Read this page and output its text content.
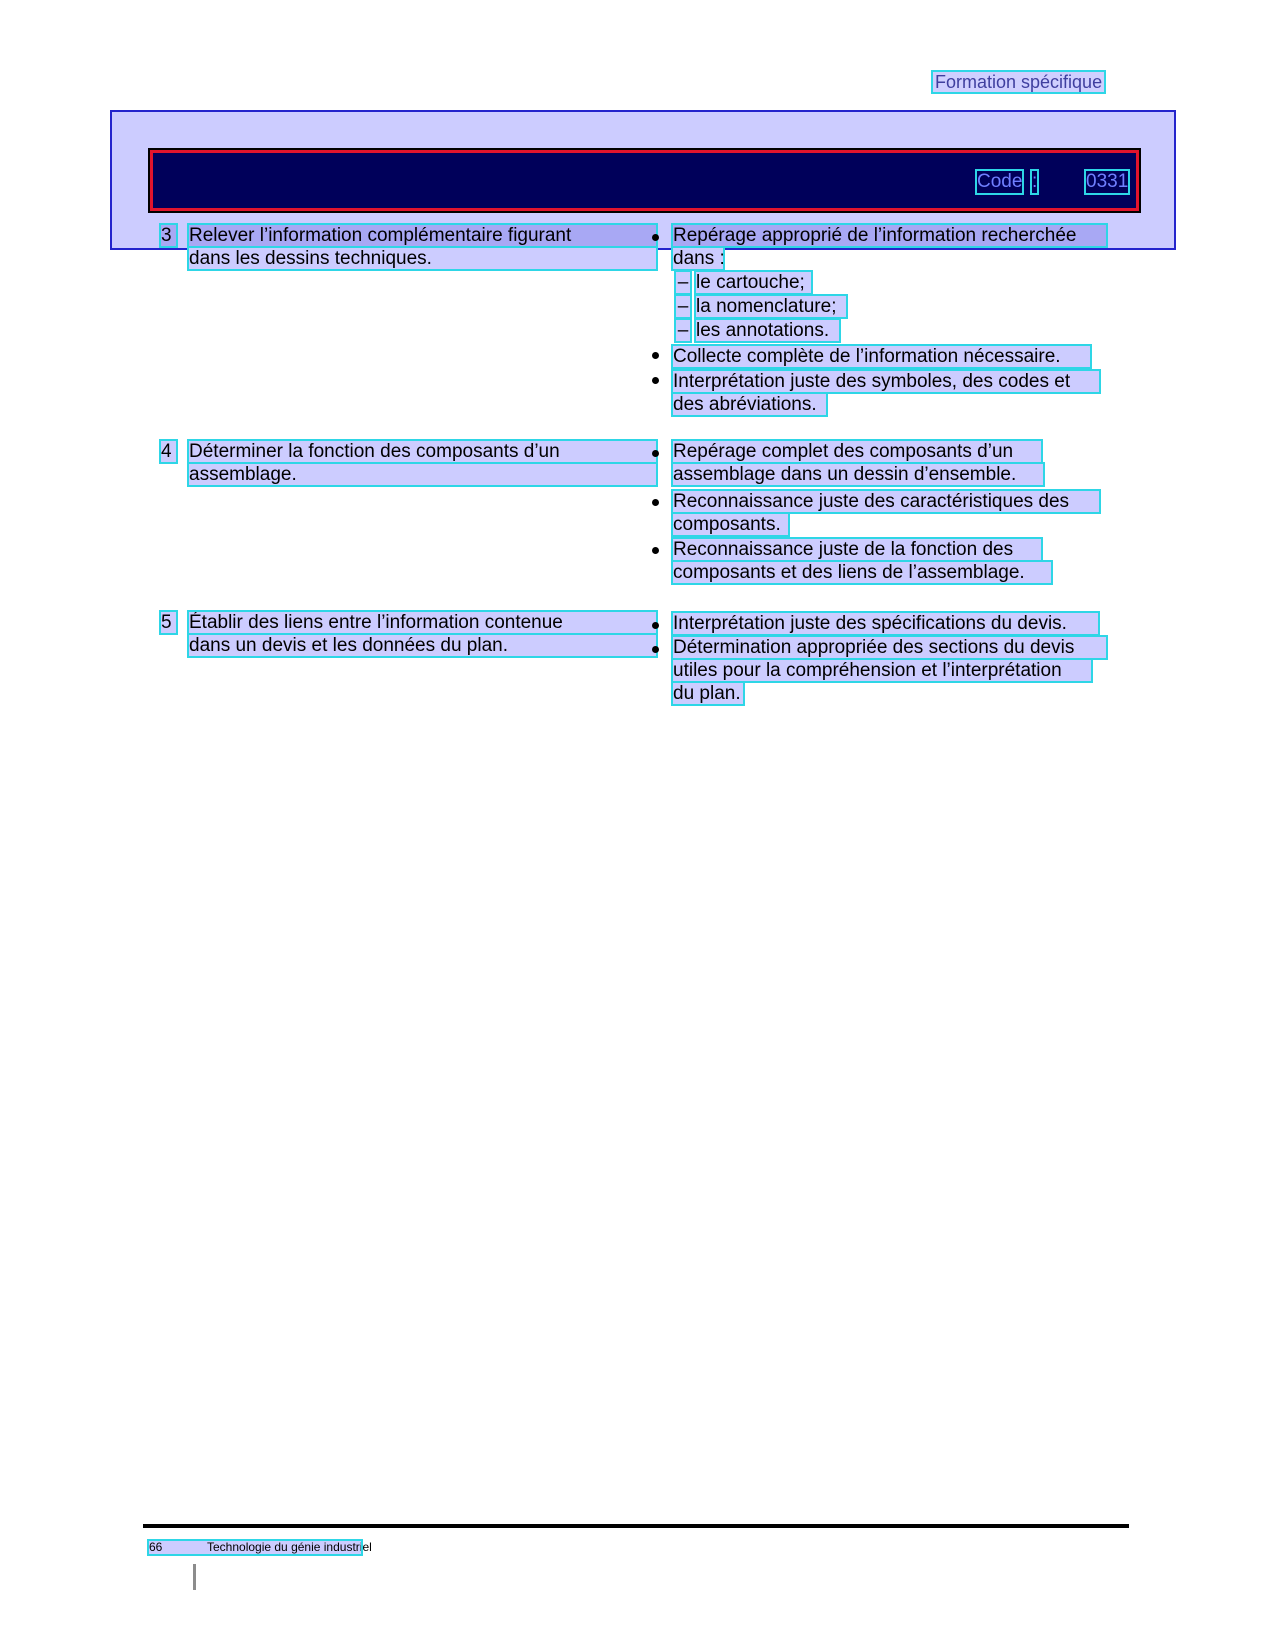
Formation spécifique
Code :	0331
3 Relever l’information complémentaire figurant
dans les dessins techniques.
Repérage approprié de l’information recherchée
dans :
– le cartouche;
– la nomenclature;
– les annotations.
Collecte complète de l’information nécessaire.
Interprétation juste des symboles, des codes et
des abréviations.
4 Déterminer la fonction des composants d’un
assemblage.
Repérage complet des composants d’un
assemblage dans un dessin d’ensemble.
Reconnaissance juste des caractéristiques des
composants.
Reconnaissance juste de la fonction des
composants et des liens de l’assemblage.
5 Établir des liens entre l’information contenue
dans un devis et les données du plan.
Interprétation juste des spécifications du devis.
Détermination appropriée des sections du devis
utiles pour la compréhension et l’interprétation
du plan.
66	Technologie du génie industriel
